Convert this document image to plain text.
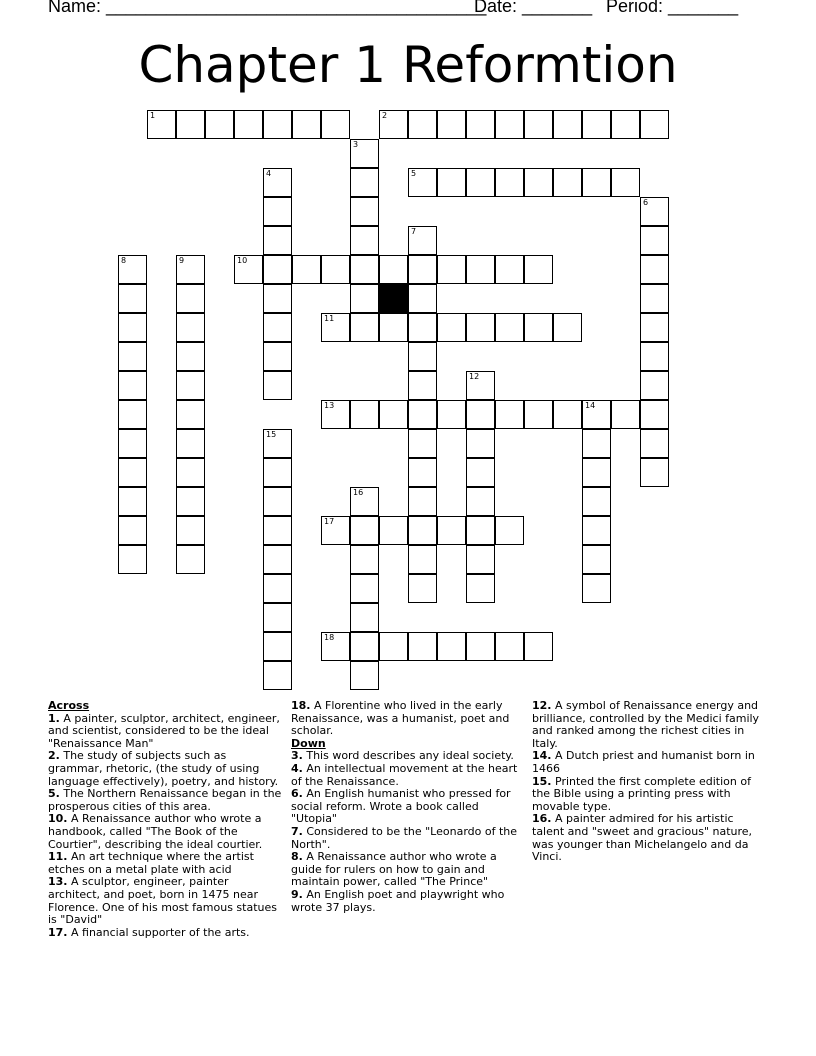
Name: ______________________________________
Date: _______ Period: _______
Chapter 1 Reformtion
1	2
5
10
11
13	14
17
18
3
4
6
7
8	9
12
15
16
Across

1. A painter, sculptor, architect, engineer, and scientist, considered to be the ideal "Renaissance Man"

2. The study of subjects such as grammar, rhetoric, (the study of using language effectively), poetry, and history.

5. The Northern Renaissance began in the prosperous cities of this area.

10. A Renaissance author who wrote a handbook, called "The Book of the Courtier", describing the ideal courtier.

11. An art technique where the artist etches on a metal plate with acid

13. A sculptor, engineer, painter architect, and poet, born in 1475 near Florence. One of his most famous statues is "David"

17. A financial supporter of the arts.

18. A Florentine who lived in the early Renaissance, was a humanist, poet and scholar.

Down

3. This word describes any ideal society.

4. An intellectual movement at the heart of the Renaissance.

6. An English humanist who pressed for social reform. Wrote a book called "Utopia"

7. Considered to be the "Leonardo of the North".

8. A Renaissance author who wrote a guide for rulers on how to gain and maintain power, called "The Prince"

9. An English poet and playwright who wrote 37 plays.

12. A symbol of Renaissance energy and brilliance, controlled by the Medici family and ranked among the richest cities in Italy.

14. A Dutch priest and humanist born in 1466

15. Printed the first complete edition of the Bible using a printing press with movable type.

16. A painter admired for his artistic talent and "sweet and gracious" nature, was younger than Michelangelo and da Vinci.
